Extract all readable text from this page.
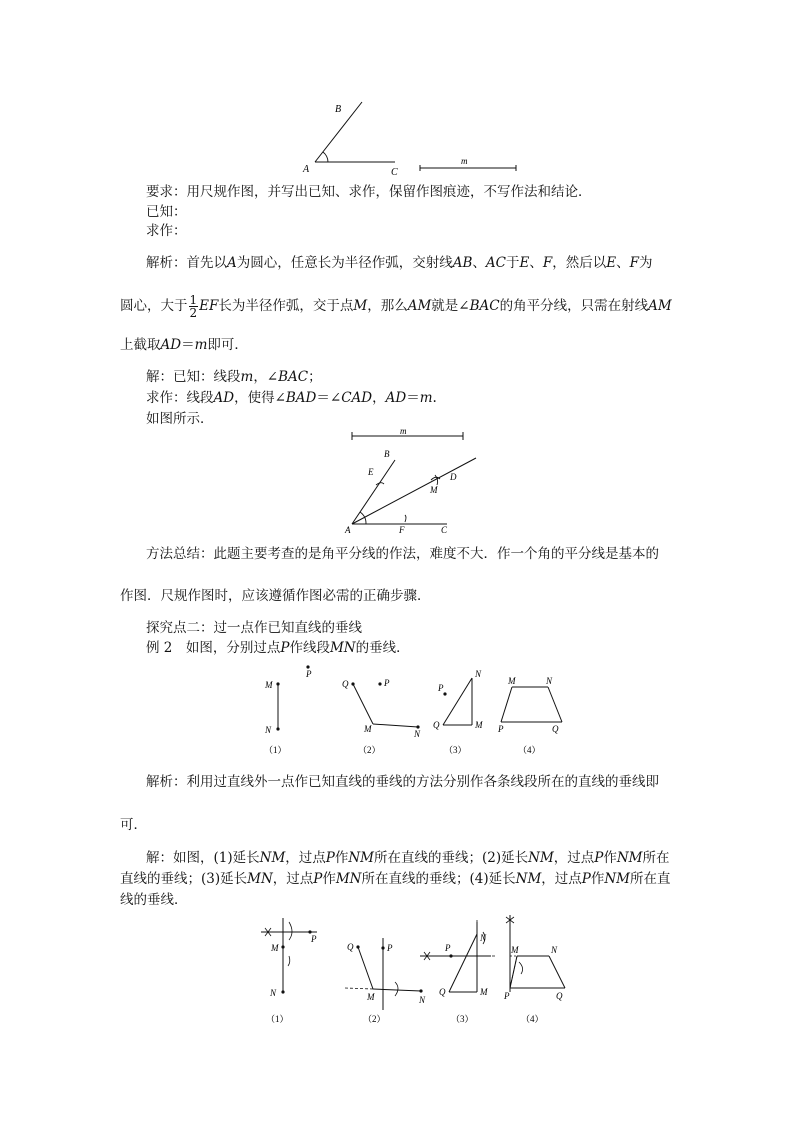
B
A	C
m
要求：用尺规作图，并写出已知、求作，保留作图痕迹，不写作法和结论．
已知：
求作：
解析：首先以A为圆心，任意长为半径作弧，交射线AB、AC于E、F，然后以E、F为
圆心，大于 $\frac{1}{2}$ EF长为半径作弧，交于点M，那么AM就是∠BAC的角平分线，只需在射线AM
上截取AD＝m即可．
解：已知：线段m，∠BAC；
求作：线段AD，使得∠BAD＝∠CAD，AD＝m.
如图所示．
m
B
E	D
M
A	F	C
方法总结：此题主要考查的是角平分线的作法，难度不大．作一个角的平分线是基本的
作图．尺规作图时，应该遵循作图必需的正确步骤．
探究点二：过一点作已知直线的垂线
例 2　如图，分别过点P作线段MN的垂线．
M
N
P
（1）
Q	P
M	N
（2）
P
N
Q	M
（3）
M	N
P	Q
（4）
解析：利用过直线外一点作已知直线的垂线的方法分别作各条线段所在的直线的垂线即
可．
解：如图，(1)延长NM，过点P作NM所在直线的垂线；(2)延长NM，过点P作NM所在
直线的垂线；(3)延长MN，过点P作MN所在直线的垂线；(4)延长NM，过点P作NM所在直
线的垂线．
P
M
N
（1）
Q	P
M	N
（2）
P
N
Q	M
（3）
M	N
P	Q
（4）
